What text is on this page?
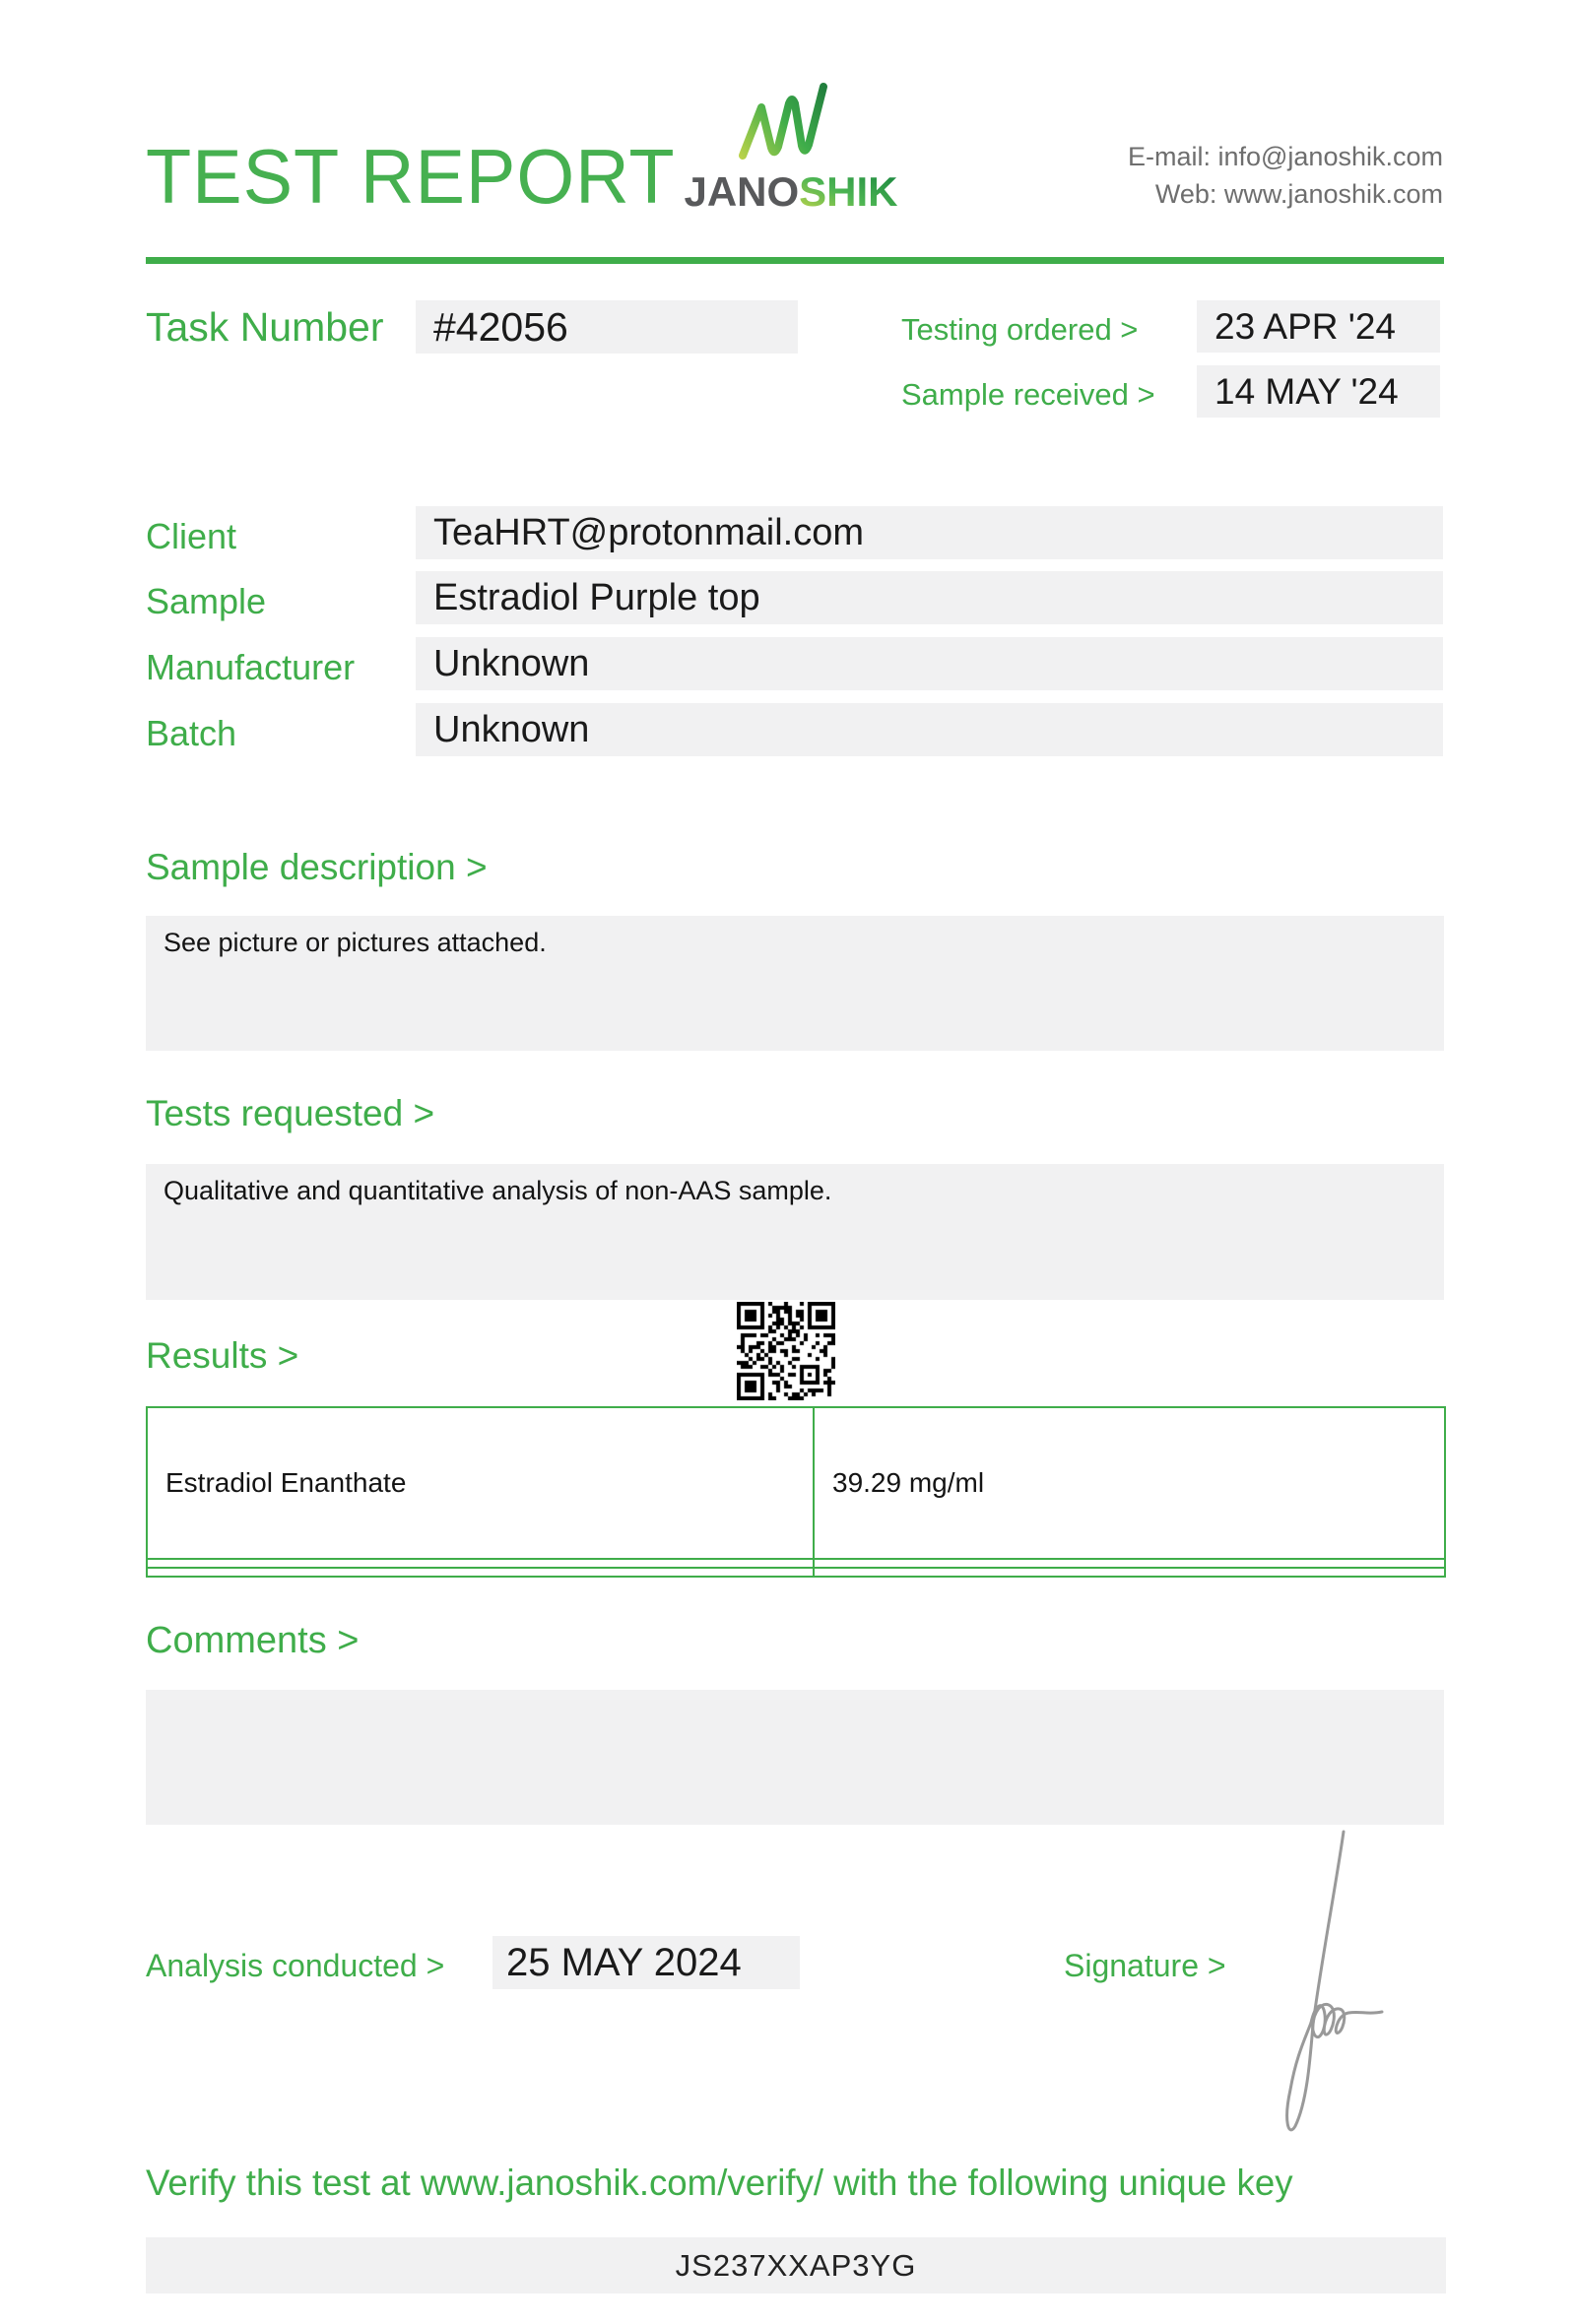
TEST REPORT JANOSHIK
E-mail: info@janoshik.com
Web: www.janoshik.com
Task Number	#42056	Testing ordered >	23 APR '24
Sample received >	14 MAY '24
Client	TeaHRT@protonmail.com
Sample	Estradiol Purple top
Manufacturer	Unknown
Batch	Unknown
Sample description >
See picture or pictures attached.
Tests requested >
Qualitative and quantitative analysis of non-AAS sample.
Results >
Estradiol Enanthate	39.29 mg/ml

Comments >
Analysis conducted >	25 MAY 2024	Signature >
Verify this test at www.janoshik.com/verify/ with the following unique key
JS237XXAP3YG
